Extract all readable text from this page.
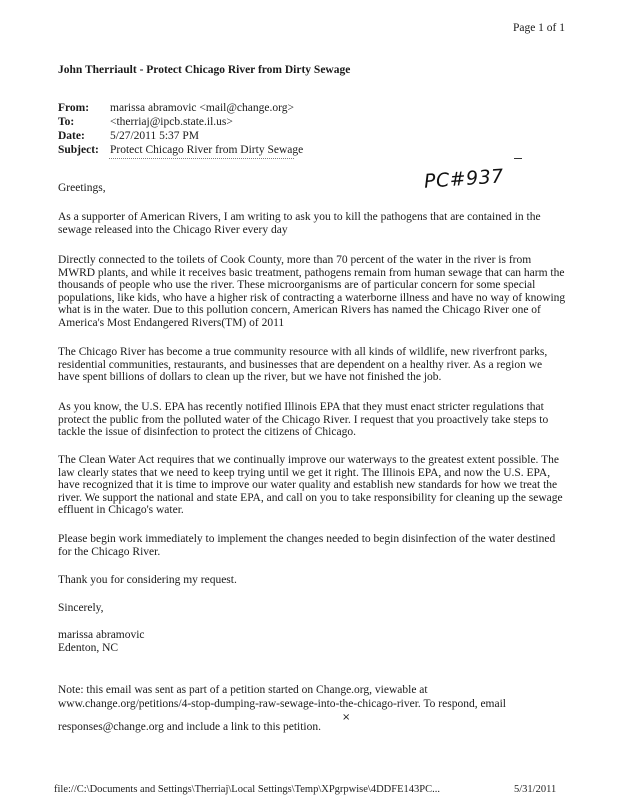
Page 1 of 1
John Therriault - Protect Chicago River from Dirty Sewage
From: marissa abramovic <mail@change.org>
To:	<therriaj@ipcb.state.il.us>
Date: 5/27/2011 5:37 PM
Subject: Protect Chicago River from Dirty Sewage
PC#937
Greetings,
As a supporter of American Rivers, I am writing to ask you to kill the pathogens that are contained in the sewage released into the Chicago River every day
Directly connected to the toilets of Cook County, more than 70 percent of the water in the river is from MWRD plants, and while it receives basic treatment, pathogens remain from human sewage that can harm the thousands of people who use the river. These microorganisms are of particular concern for some special populations, like kids, who have a higher risk of contracting a waterborne illness and have no way of knowing what is in the water. Due to this pollution concern, American Rivers has named the Chicago River one of America's Most Endangered Rivers(TM) of 2011
The Chicago River has become a true community resource with all kinds of wildlife, new riverfront parks, residential communities, restaurants, and businesses that are dependent on a healthy river. As a region we have spent billions of dollars to clean up the river, but we have not finished the job.
As you know, the U.S. EPA has recently notified Illinois EPA that they must enact stricter regulations that protect the public from the polluted water of the Chicago River. I request that you proactively take steps to tackle the issue of disinfection to protect the citizens of Chicago.
The Clean Water Act requires that we continually improve our waterways to the greatest extent possible. The law clearly states that we need to keep trying until we get it right. The Illinois EPA, and now the U.S. EPA, have recognized that it is time to improve our water quality and establish new standards for how we treat the river. We support the national and state EPA, and call on you to take responsibility for cleaning up the sewage effluent in Chicago's water.
Please begin work immediately to implement the changes needed to begin disinfection of the water destined for the Chicago River.
Thank you for considering my request.
Sincerely,
marissa abramovic
Edenton, NC
Note: this email was sent as part of a petition started on Change.org, viewable at
www.change.org/petitions/4-stop-dumping-raw-sewage-into-the-chicago-river. To respond, email
×
responses@change.org and include a link to this petition.
file://C:\Documents and Settings\Therriaj\Local Settings\Temp\XPgrpwise\4DDFE143PC...	5/31/2011
